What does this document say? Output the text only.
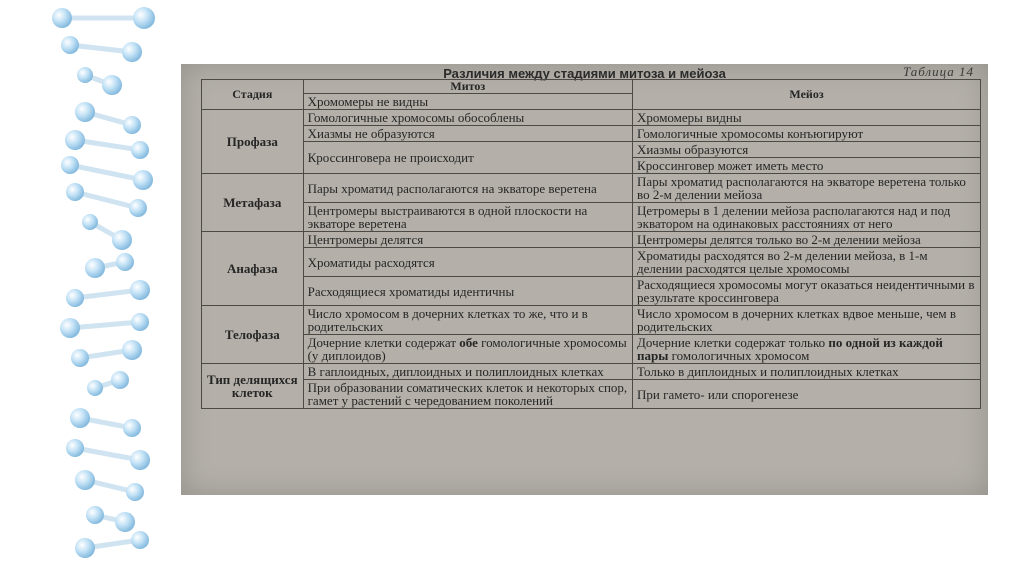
Различия между стадиями митоза и мейоза	Таблица 14
Стадия	Митоз	Мейоз
	Хромомеры не видны	
Профаза	Гомологичные хромосомы обособлены	Хромомеры видны
	Хиазмы не образуются	Гомологичные хромосомы конъюгируют
	Кроссинговера не происходит	Хиазмы образуются
		Кроссинговер может иметь место
Метафаза	Пары хроматид располагаются на экваторе веретена	Пары хроматид располагаются на экваторе веретена только во 2-м делении мейоза
	Центромеры выстраиваются в одной плоскости на экваторе веретена	Цетромеры в 1 делении мейоза располагаются над и под экватором на одинаковых расстояниях от него
Анафаза	Центромеры делятся	Центромеры делятся только во 2-м делении мейоза
	Хроматиды расходятся	Хроматиды расходятся во 2-м делении мейоза, в 1-м делении расходятся целые хромосомы
	Расходящиеся хроматиды идентичны	Расходящиеся хромосомы могут оказаться неидентичными в результате кроссинговера
Телофаза	Число хромосом в дочерних клетках то же, что и в родительских	Число хромосом в дочерних клетках вдвое меньше, чем в родительских
	Дочерние клетки содержат обе гомологичные хромосомы (у диплоидов)	Дочерние клетки содержат только по одной из каждой пары гомологичных хромосом
Тип делящихся клеток	В гаплоидных, диплоидных и полиплоидных клетках	Только в диплоидных и полиплоидных клетках
	При образовании соматических клеток и некоторых спор, гамет у растений с чередованием поколений	При гамето- или спорогенезе
